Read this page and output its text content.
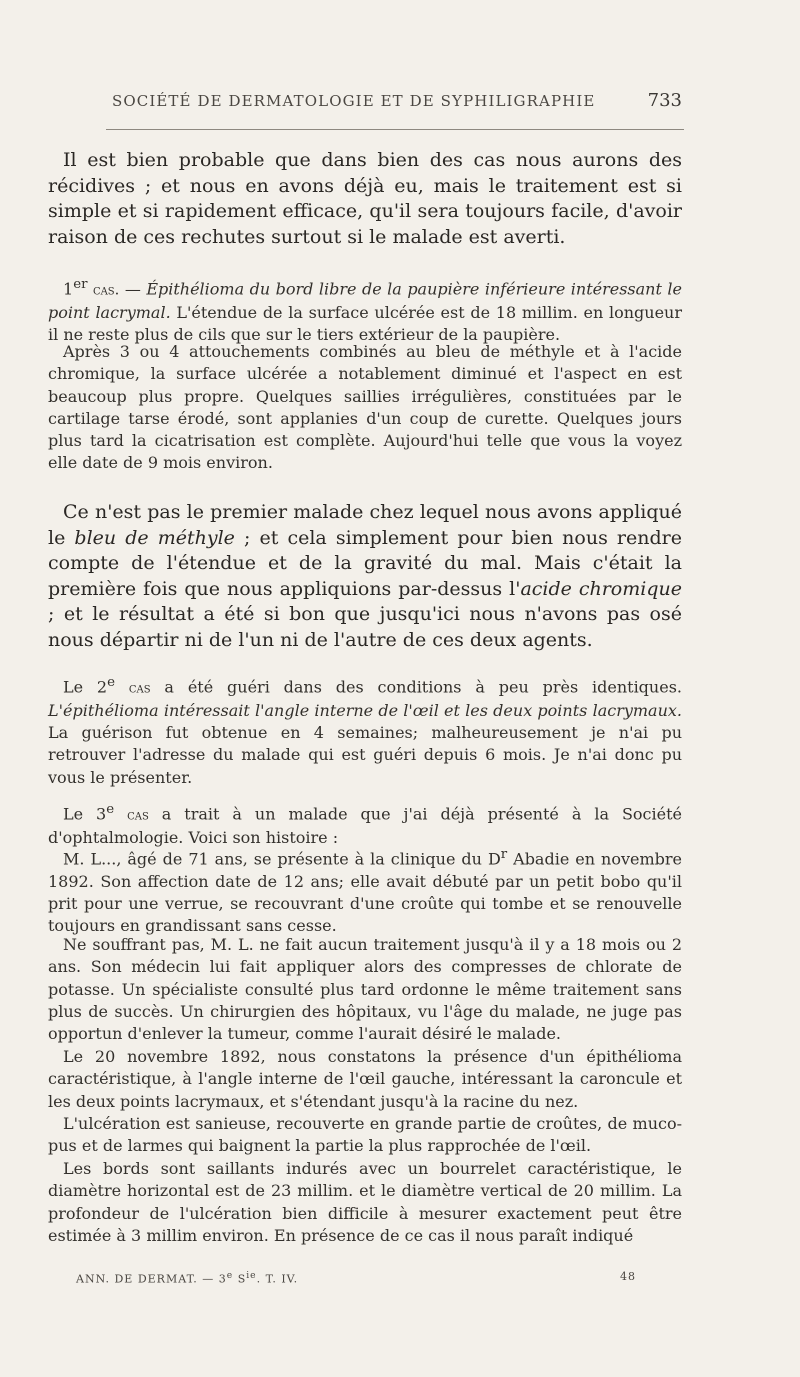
SOCIÉTÉ DE DERMATOLOGIE ET DE SYPHILIGRAPHIE	733

Il est bien probable que dans bien des cas nous aurons des récidives ; et nous en avons déjà eu, mais le traitement est si simple et si rapidement efficace, qu'il sera toujours facile, d'avoir raison de ces rechutes surtout si le malade est averti.

1er cas. — Épithélioma du bord libre de la paupière inférieure intéressant le point lacrymal. L'étendue de la surface ulcérée est de 18 millim. en longueur il ne reste plus de cils que sur le tiers extérieur de la paupière.

Après 3 ou 4 attouchements combinés au bleu de méthyle et à l'acide chromique, la surface ulcérée a notablement diminué et l'aspect en est beaucoup plus propre. Quelques saillies irrégulières, constituées par le cartilage tarse érodé, sont applanies d'un coup de curette. Quelques jours plus tard la cicatrisation est complète. Aujourd'hui telle que vous la voyez elle date de 9 mois environ.

Ce n'est pas le premier malade chez lequel nous avons appliqué le bleu de méthyle ; et cela simplement pour bien nous rendre compte de l'étendue et de la gravité du mal. Mais c'était la première fois que nous appliquions par-dessus l'acide chromique ; et le résultat a été si bon que jusqu'ici nous n'avons pas osé nous départir ni de l'un ni de l'autre de ces deux agents.

Le 2e cas a été guéri dans des conditions à peu près identiques. L'épithélioma intéressait l'angle interne de l'œil et les deux points lacrymaux. La guérison fut obtenue en 4 semaines; malheureusement je n'ai pu retrouver l'adresse du malade qui est guéri depuis 6 mois. Je n'ai donc pu vous le présenter.

Le 3e cas a trait à un malade que j'ai déjà présenté à la Société d'ophtalmologie. Voici son histoire :

M. L..., âgé de 71 ans, se présente à la clinique du $D^r$ Abadie en novembre 1892. Son affection date de 12 ans; elle avait débuté par un petit bobo qu'il prit pour une verrue, se recouvrant d'une croûte qui tombe et se renouvelle toujours en grandissant sans cesse.

Ne souffrant pas, M. L. ne fait aucun traitement jusqu'à il y a 18 mois ou 2 ans. Son médecin lui fait appliquer alors des compresses de chlorate de potasse. Un spécialiste consulté plus tard ordonne le même traitement sans plus de succès. Un chirurgien des hôpitaux, vu l'âge du malade, ne juge pas opportun d'enlever la tumeur, comme l'aurait désiré le malade.

Le 20 novembre 1892, nous constatons la présence d'un épithélioma caractéristique, à l'angle interne de l'œil gauche, intéressant la caroncule et les deux points lacrymaux, et s'étendant jusqu'à la racine du nez.

L'ulcération est sanieuse, recouverte en grande partie de croûtes, de muco-pus et de larmes qui baignent la partie la plus rapprochée de l'œil.

Les bords sont saillants indurés avec un bourrelet caractéristique, le diamètre horizontal est de 23 millim. et le diamètre vertical de 20 millim. La profondeur de l'ulcération bien difficile à mesurer exactement peut être estimée à 3 millim environ. En présence de ce cas il nous paraît indiqué

ANN. DE DERMAT. — 3e $S^{ie}$. T. IV.	48
